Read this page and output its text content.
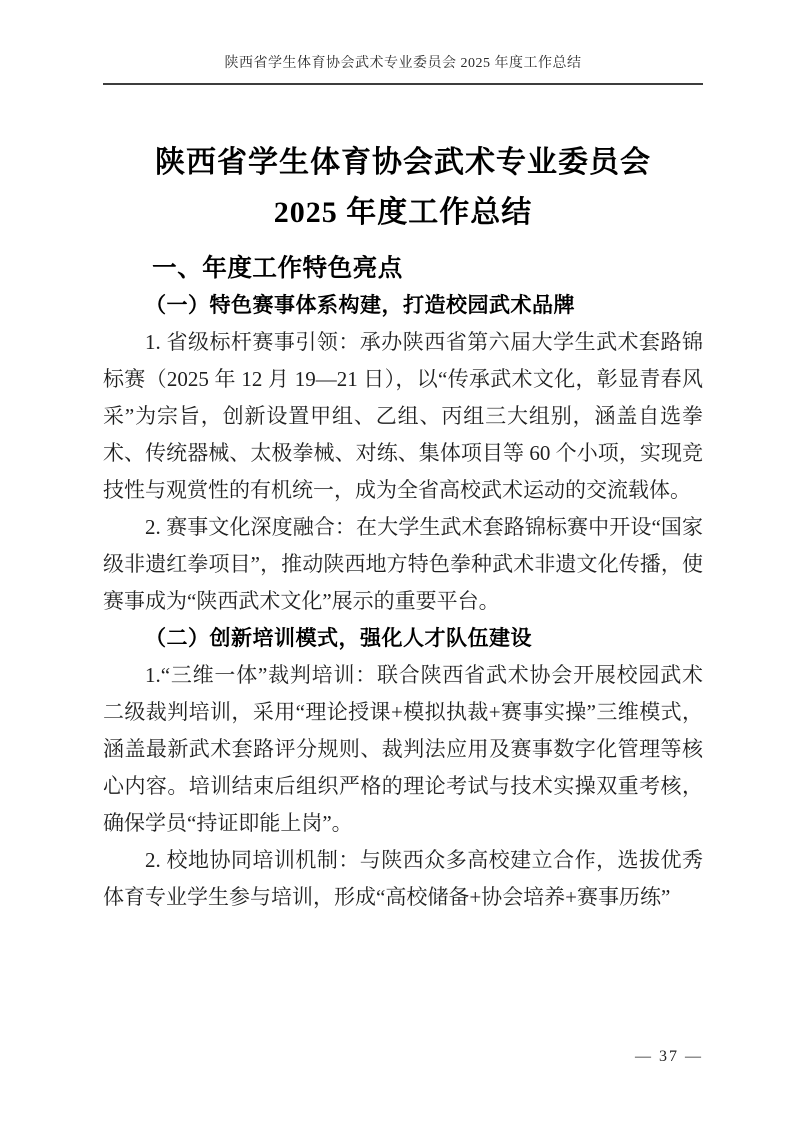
陕西省学生体育协会武术专业委员会 2025 年度工作总结
陕西省学生体育协会武术专业委员会
2025 年度工作总结
一、年度工作特色亮点
（一）特色赛事体系构建，打造校园武术品牌

1. 省级标杆赛事引领：承办陕西省第六届大学生武术套路锦标赛（2025 年 12 月 19—21 日），以“传承武术文化，彰显青春风采”为宗旨，创新设置甲组、乙组、丙组三大组别，涵盖自选拳术、传统器械、太极拳械、对练、集体项目等 60 个小项，实现竞技性与观赏性的有机统一，成为全省高校武术运动的交流载体。

2. 赛事文化深度融合：在大学生武术套路锦标赛中开设“国家级非遗红拳项目”，推动陕西地方特色拳种武术非遗文化传播，使赛事成为“陕西武术文化”展示的重要平台。

（二）创新培训模式，强化人才队伍建设

1.“三维一体”裁判培训：联合陕西省武术协会开展校园武术二级裁判培训，采用“理论授课+模拟执裁+赛事实操”三维模式，涵盖最新武术套路评分规则、裁判法应用及赛事数字化管理等核心内容。培训结束后组织严格的理论考试与技术实操双重考核，确保学员“持证即能上岗”。

2. 校地协同培训机制：与陕西众多高校建立合作，选拔优秀体育专业学生参与培训，形成“高校储备+协会培养+赛事历练”

— 37 —
